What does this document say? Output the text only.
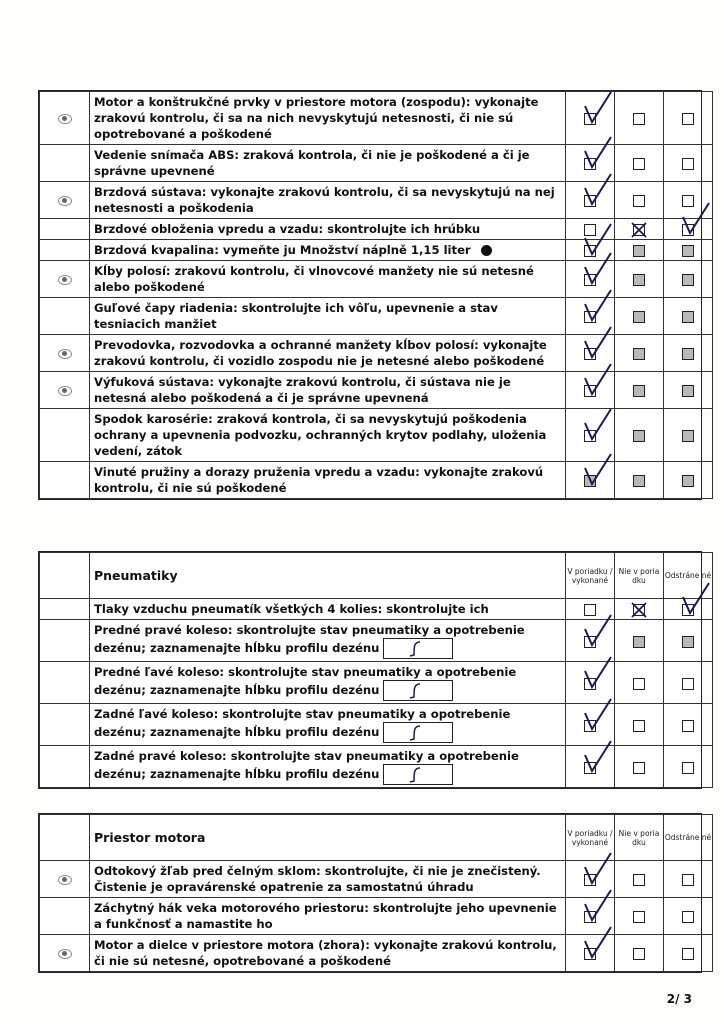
	Motor a konštrukčné prvky v priestore motora (zospodu): vykonajte zrakovú kontrolu, či sa na nich nevyskytujú netesnosti, či nie sú opotrebované a poškodené	

	Vedenie snímača ABS: zraková kontrola, či nie je poškodené a či je správne upevnené	

	Brzdová sústava: vykonajte zrakovú kontrolu, či sa nevyskytujú na nej netesnosti a poškodenia	

	Brzdové obloženia vpredu a vzadu: skontrolujte ich hrúbku		

	Brzdová kvapalina: vymeňte ju Množství náplně 1,15 liter	

	Kĺby polosí: zrakovú kontrolu, či vlnovcové manžety nie sú netesné alebo poškodené	

	Guľové čapy riadenia: skontrolujte ich vôľu, upevnenie a stav tesniacich manžiet	

	Prevodovka, rozvodovka a ochranné manžety kĺbov polosí: vykonajte zrakovú kontrolu, či vozidlo zospodu nie je netesné alebo poškodené	

	Výfuková sústava: vykonajte zrakovú kontrolu, či sústava nie je netesná alebo poškodená a či je správne upevnená	

	Spodok karosérie: zraková kontrola, či sa nevyskytujú poškodenia ochrany a upevnenia podvozku, ochranných krytov podlahy, uloženia vedení, zátok	

	Vinuté pružiny a dorazy pruženia vpredu a vzadu: vykonajte zrakovú kontrolu, či nie sú poškodené	

	Pneumatiky	V poriadku / vykonané	Nie v poria dku	Odstráne né
	Tlaky vzduchu pneumatík všetkých 4 kolies: skontrolujte ich		

	Predné pravé koleso: skontrolujte stav pneumatiky a opotrebenie dezénu; zaznamenajte hĺbku profilu dezénu

	Predné ľavé koleso: skontrolujte stav pneumatiky a opotrebenie dezénu; zaznamenajte hĺbku profilu dezénu

	Zadné ľavé koleso: skontrolujte stav pneumatiky a opotrebenie dezénu; zaznamenajte hĺbku profilu dezénu

	Zadné pravé koleso: skontrolujte stav pneumatiky a opotrebenie dezénu; zaznamenajte hĺbku profilu dezénu

	Priestor motora	V poriadku / vykonané	Nie v poria dku	Odstráne né
	Odtokový žľab pred čelným sklom: skontrolujte, či nie je znečistený. Čistenie je opravárenské opatrenie za samostatnú úhradu	

	Záchytný hák veka motorového priestoru: skontrolujte jeho upevnenie a funkčnosť a namastite ho	

	Motor a dielce v priestore motora (zhora): vykonajte zrakovú kontrolu, či nie sú netesné, opotrebované a poškodené	

2/ 3
